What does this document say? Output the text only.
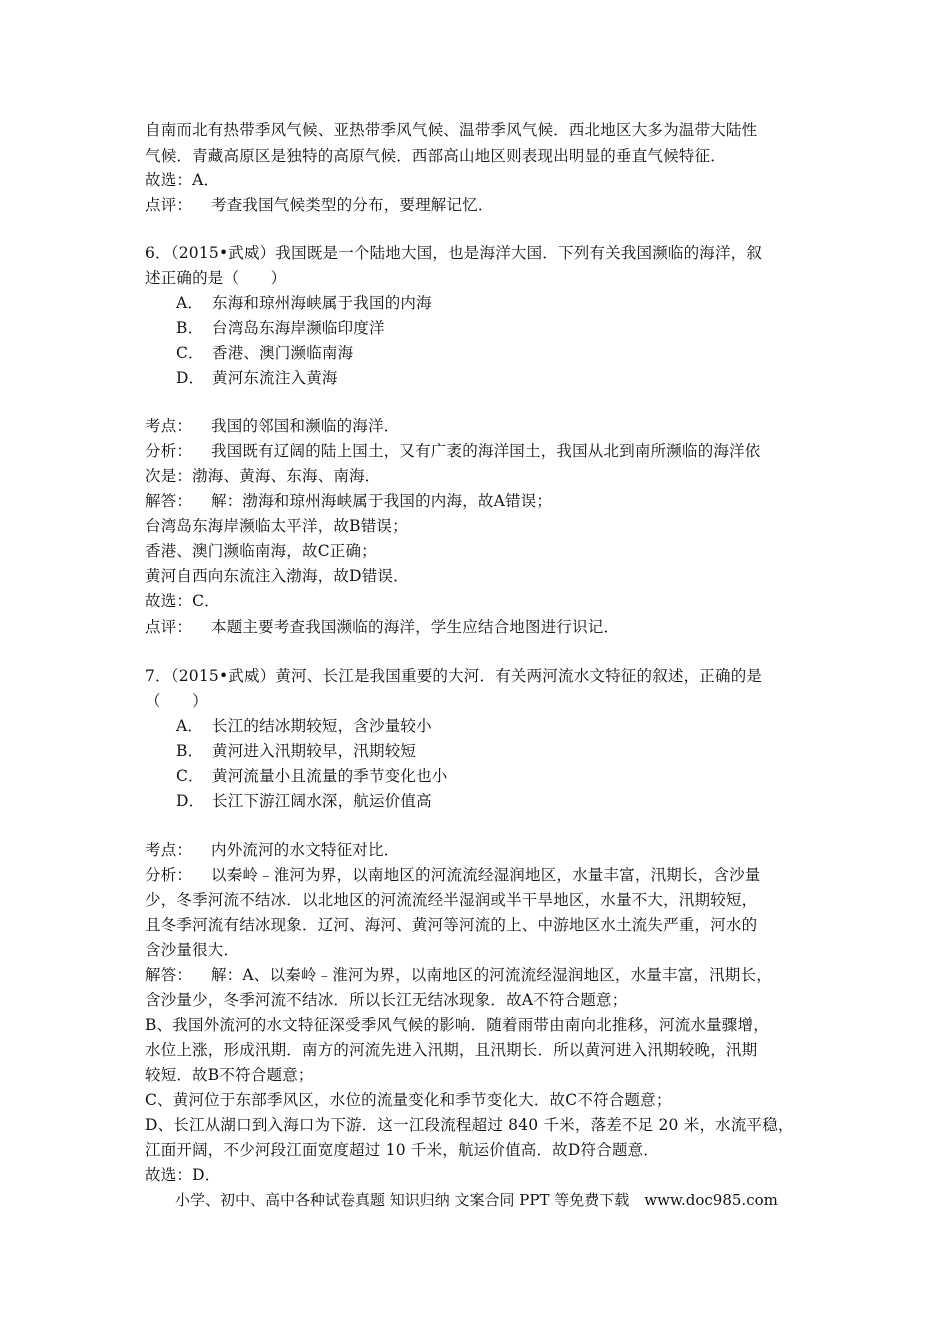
自南而北有热带季风气候、亚热带季风气候、温带季风气候．西北地区大多为温带大陆性
气候．青藏高原区是独特的高原气候．西部高山地区则表现出明显的垂直气候特征．
故选：A．
点评： 考查我国气候类型的分布，要理解记忆．
6．（2015•武威）我国既是一个陆地大国，也是海洋大国．下列有关我国濒临的海洋，叙
述正确的是（　　）
A． 东海和琼州海峡属于我国的内海
B． 台湾岛东海岸濒临印度洋
C． 香港、澳门濒临南海
D． 黄河东流注入黄海
考点： 我国的邻国和濒临的海洋．
分析： 我国既有辽阔的陆上国土，又有广袤的海洋国土，我国从北到南所濒临的海洋依
次是：渤海、黄海、东海、南海．
解答： 解：渤海和琼州海峡属于我国的内海，故A错误；
台湾岛东海岸濒临太平洋，故B错误；
香港、澳门濒临南海，故C正确；
黄河自西向东流注入渤海，故D错误．
故选：C．
点评： 本题主要考查我国濒临的海洋，学生应结合地图进行识记．
7．（2015•武威）黄河、长江是我国重要的大河．有关两河流水文特征的叙述，正确的是
（　　）
A． 长江的结冰期较短，含沙量较小
B． 黄河进入汛期较早，汛期较短
C． 黄河流量小且流量的季节变化也小
D． 长江下游江阔水深，航运价值高
考点： 内外流河的水文特征对比．
分析： 以秦岭﹣淮河为界，以南地区的河流流经湿润地区，水量丰富，汛期长，含沙量
少，冬季河流不结冰．以北地区的河流流经半湿润或半干旱地区，水量不大，汛期较短，
且冬季河流有结冰现象．辽河、海河、黄河等河流的上、中游地区水土流失严重，河水的
含沙量很大．
解答： 解：A、以秦岭﹣淮河为界，以南地区的河流流经湿润地区，水量丰富，汛期长，
含沙量少，冬季河流不结冰．所以长江无结冰现象．故A不符合题意；
B、我国外流河的水文特征深受季风气候的影响．随着雨带由南向北推移，河流水量骤增，
水位上涨，形成汛期．南方的河流先进入汛期，且汛期长．所以黄河进入汛期较晚，汛期
较短．故B不符合题意；
C、黄河位于东部季风区，水位的流量变化和季节变化大．故C不符合题意；
D、长江从湖口到入海口为下游．这一江段流程超过 840 千米，落差不足 20 米，水流平稳，
江面开阔，不少河段江面宽度超过 10 千米，航运价值高．故D符合题意．
故选：D．
小学、初中、高中各种试卷真题 知识归纳 文案合同 PPT 等免费下载　www.doc985.com
